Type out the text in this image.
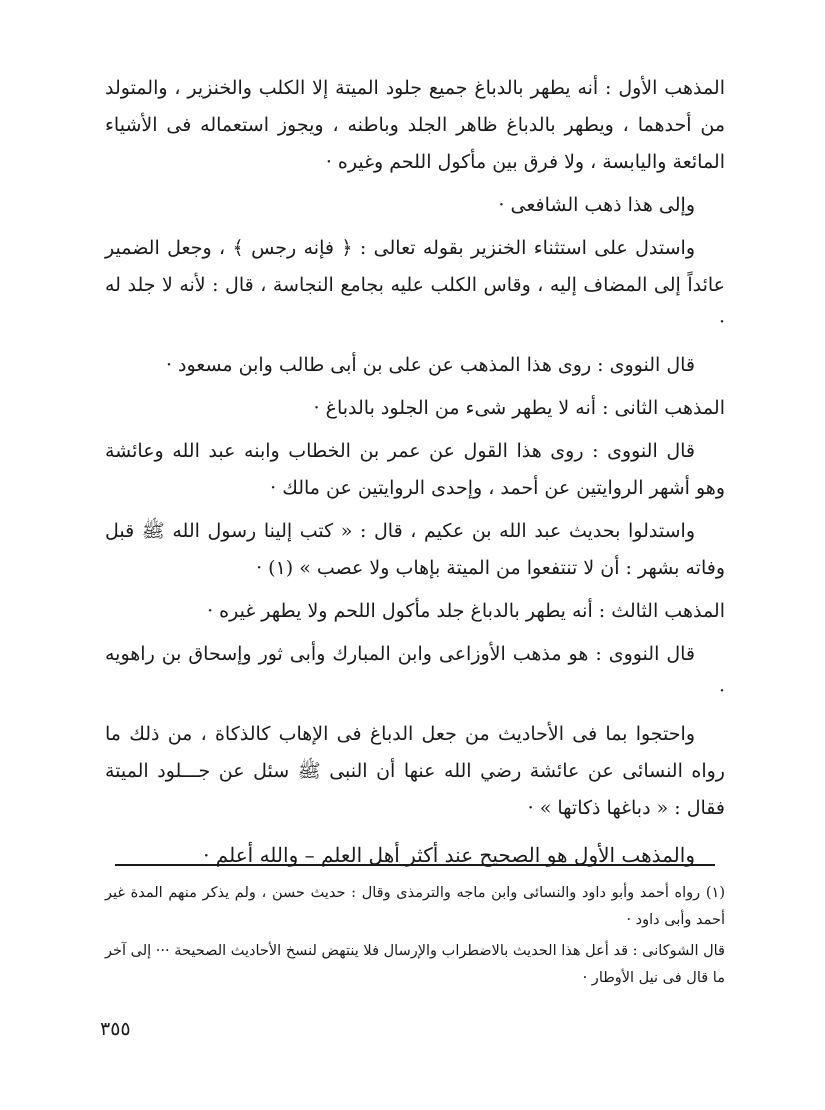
المذهب الأول : أنه يطهر بالدباغ جميع جلود الميتة إلا الكلب والخنزير ، والمتولد من أحدهما ، ويطهر بالدباغ ظاهر الجلد وباطنه ، ويجوز استعماله فى الأشياء المائعة واليابسة ، ولا فرق بين مأكول اللحم وغيره ·

وإلى هذا ذهب الشافعى ·

واستدل على استثناء الخنزير بقوله تعالى : ﴿ فإنه رجس ﴾ ، وجعل الضمير عائداً إلى المضاف إليه ، وقاس الكلب عليه بجامع النجاسة ، قال : لأنه لا جلد له ·

قال النووى : روى هذا المذهب عن على بن أبى طالب وابن مسعود ·

المذهب الثانى : أنه لا يطهر شىء من الجلود بالدباغ ·

قال النووى : روى هذا القول عن عمر بن الخطاب وابنه عبد الله وعائشة وهو أشهر الروايتين عن أحمد ، وإحدى الروايتين عن مالك ·

واستدلوا بحديث عبد الله بن عكيم ، قال : « كتب إلينا رسول الله ﷺ قبل وفاته بشهر : أن لا تنتفعوا من الميتة بإهاب ولا عصب » (١) ·

المذهب الثالث : أنه يطهر بالدباغ جلد مأكول اللحم ولا يطهر غيره ·

قال النووى : هو مذهب الأوزاعى وابن المبارك وأبى ثور وإسحاق بن راهويه ·

واحتجوا بما فى الأحاديث من جعل الدباغ فى الإهاب كالذكاة ، من ذلك ما رواه النسائى عن عائشة رضي الله عنها أن النبى ﷺ سئل عن جـــلود الميتة فقال : « دباغها ذكاتها » ·

والمذهب الأول هو الصحيح عند أكثر أهل العلم – والله أعلم ·

(١) رواه أحمد وأبو داود والنسائى وابن ماجه والترمذى وقال : حديث حسن ، ولم يذكر منهم المدة غير أحمد وأبى داود ·

قال الشوكانى : قد أعل هذا الحديث بالاضطراب والإرسال فلا ينتهض لنسخ الأحاديث الصحيحة ··· إلى آخر ما قال فى نيل الأوطار ·

٣٥٥
